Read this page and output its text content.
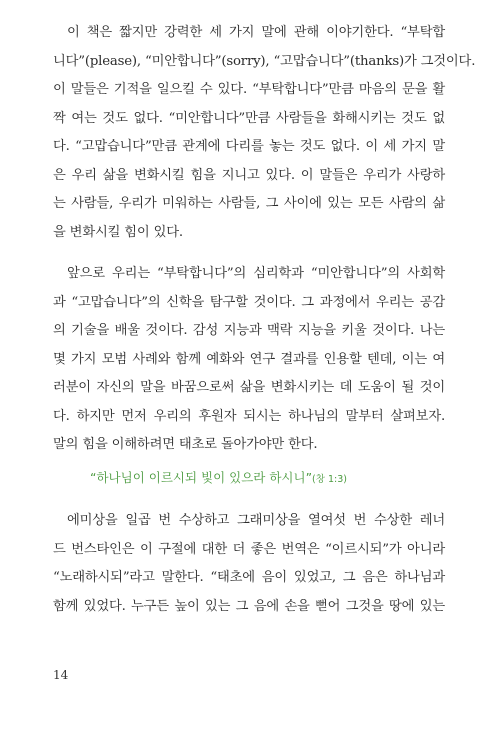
이 책은 짧지만 강력한 세 가지 말에 관해 이야기한다. “부탁합
니다”(please), “미안합니다”(sorry), “고맙습니다”(thanks)가 그것이다.
이 말들은 기적을 일으킬 수 있다. “부탁합니다”만큼 마음의 문을 활
짝 여는 것도 없다. “미안합니다”만큼 사람들을 화해시키는 것도 없
다. “고맙습니다”만큼 관계에 다리를 놓는 것도 없다. 이 세 가지 말
은 우리 삶을 변화시킬 힘을 지니고 있다. 이 말들은 우리가 사랑하
는 사람들, 우리가 미워하는 사람들, 그 사이에 있는 모든 사람의 삶
을 변화시킬 힘이 있다.
앞으로 우리는 “부탁합니다”의 심리학과 “미안합니다”의 사회학
과 “고맙습니다”의 신학을 탐구할 것이다. 그 과정에서 우리는 공감
의 기술을 배울 것이다. 감성 지능과 맥락 지능을 키울 것이다. 나는
몇 가지 모범 사례와 함께 예화와 연구 결과를 인용할 텐데, 이는 여
러분이 자신의 말을 바꿈으로써 삶을 변화시키는 데 도움이 될 것이
다. 하지만 먼저 우리의 후원자 되시는 하나님의 말부터 살펴보자.
말의 힘을 이해하려면 태초로 돌아가야만 한다.
“하나님이 이르시되 빛이 있으라 하시니”(창 1:3)
에미상을 일곱 번 수상하고 그래미상을 열여섯 번 수상한 레너
드 번스타인은 이 구절에 대한 더 좋은 번역은 “이르시되”가 아니라
“노래하시되”라고 말한다. “태초에 음이 있었고, 그 음은 하나님과
함께 있었다. 누구든 높이 있는 그 음에 손을 뻗어 그것을 땅에 있는
14
